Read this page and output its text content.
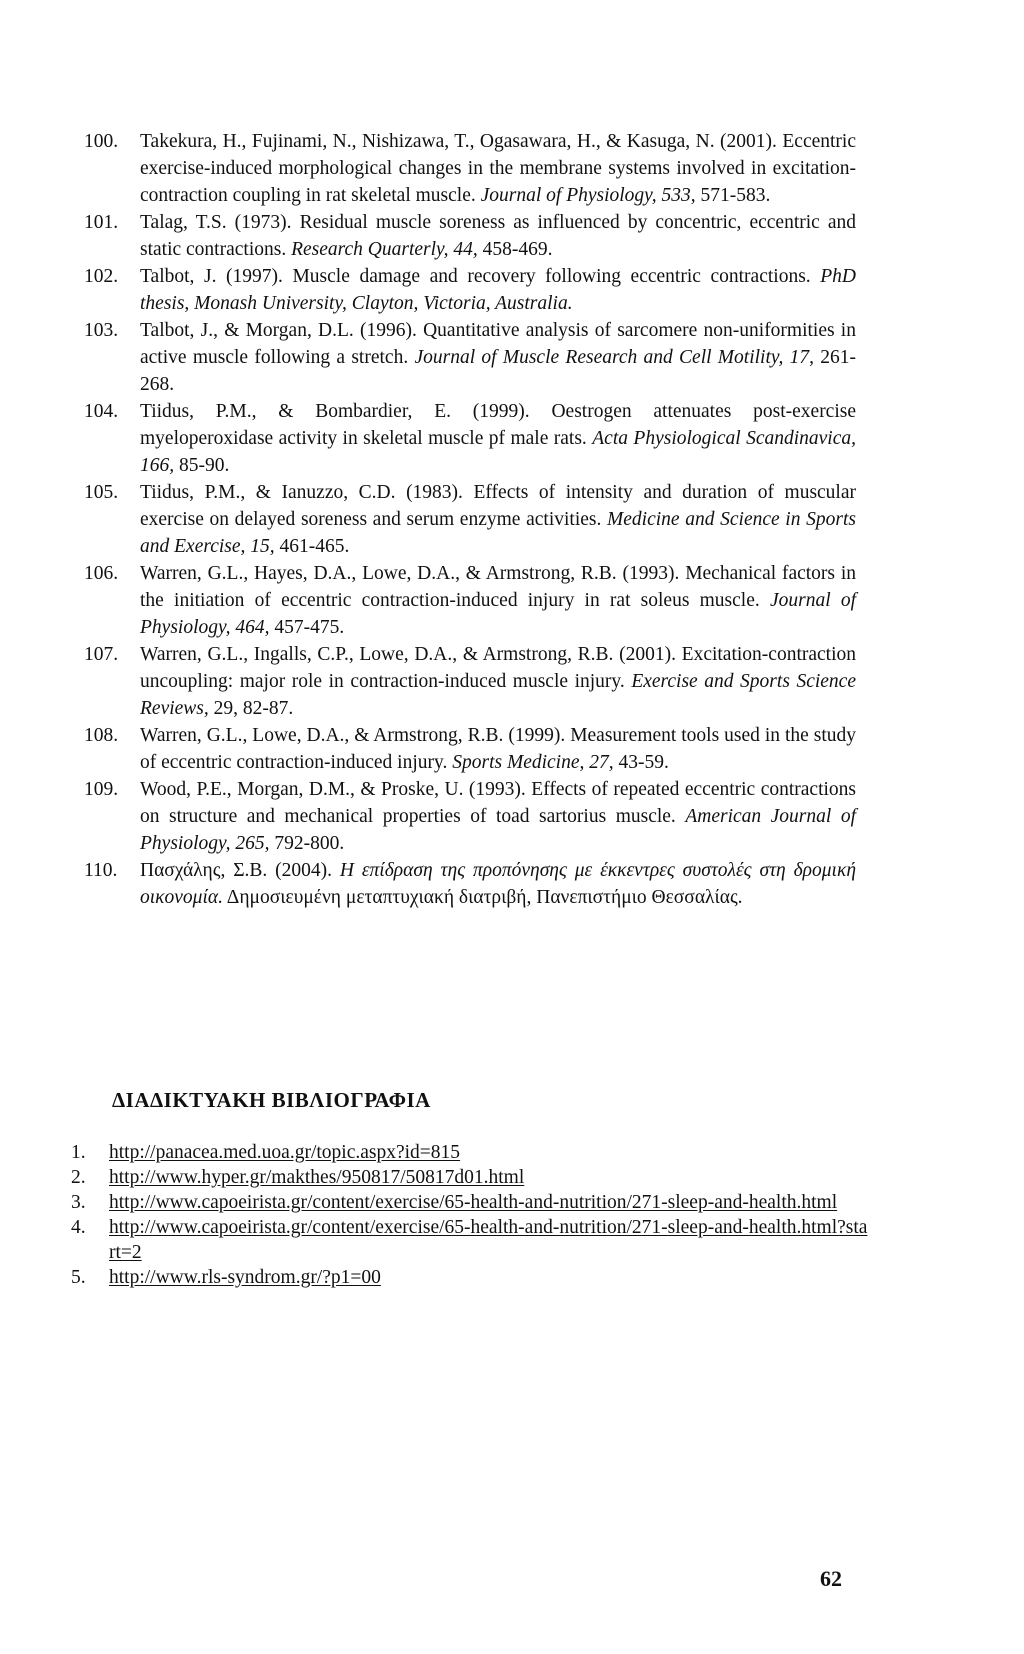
100.	Takekura, H., Fujinami, N., Nishizawa, T., Ogasawara, H., & Kasuga, N. (2001). Eccentric exercise-induced morphological changes in the membrane systems involved in excitation-contraction coupling in rat skeletal muscle. Journal of Physiology, 533, 571-583.
101.	Talag, T.S. (1973). Residual muscle soreness as influenced by concentric, eccentric and static contractions. Research Quarterly, 44, 458-469.
102.	Talbot, J. (1997). Muscle damage and recovery following eccentric contractions. PhD thesis, Monash University, Clayton, Victoria, Australia.
103.	Talbot, J., & Morgan, D.L. (1996). Quantitative analysis of sarcomere non-uniformities in active muscle following a stretch. Journal of Muscle Research and Cell Motility, 17, 261-268.
104.	Tiidus, P.M., & Bombardier, E. (1999). Oestrogen attenuates post-exercise myeloperoxidase activity in skeletal muscle pf male rats. Acta Physiological Scandinavica, 166, 85-90.
105.	Tiidus, P.M., & Ianuzzo, C.D. (1983). Effects of intensity and duration of muscular exercise on delayed soreness and serum enzyme activities. Medicine and Science in Sports and Exercise, 15, 461-465.
106.	Warren, G.L., Hayes, D.A., Lowe, D.A., & Armstrong, R.B. (1993). Mechanical factors in the initiation of eccentric contraction-induced injury in rat soleus muscle. Journal of Physiology, 464, 457-475.
107.	Warren, G.L., Ingalls, C.P., Lowe, D.A., & Armstrong, R.B. (2001). Excitation-contraction uncoupling: major role in contraction-induced muscle injury. Exercise and Sports Science Reviews, 29, 82-87.
108.	Warren, G.L., Lowe, D.A., & Armstrong, R.B. (1999). Measurement tools used in the study of eccentric contraction-induced injury. Sports Medicine, 27, 43-59.
109.	Wood, P.E., Morgan, D.M., & Proske, U. (1993). Effects of repeated eccentric contractions on structure and mechanical properties of toad sartorius muscle. American Journal of Physiology, 265, 792-800.
110.	Πασχάλης, Σ.Β. (2004). Η επίδραση της προπόνησης με έκκεντρες συστολές στη δρομική οικονομία. Δημοσιευμένη μεταπτυχιακή διατριβή, Πανεπιστήμιο Θεσσαλίας.
ΔΙΑΔΙΚΤΥΑΚΗ ΒΙΒΛΙΟΓΡΑΦΙΑ
1. http://panacea.med.uoa.gr/topic.aspx?id=815
2. http://www.hyper.gr/makthes/950817/50817d01.html
3. http://www.capoeirista.gr/content/exercise/65-health-and-nutrition/271-sleep-and-health.html
4. http://www.capoeirista.gr/content/exercise/65-health-and-nutrition/271-sleep-and-health.html?start=2
5. http://www.rls-syndrom.gr/?p1=00
62
